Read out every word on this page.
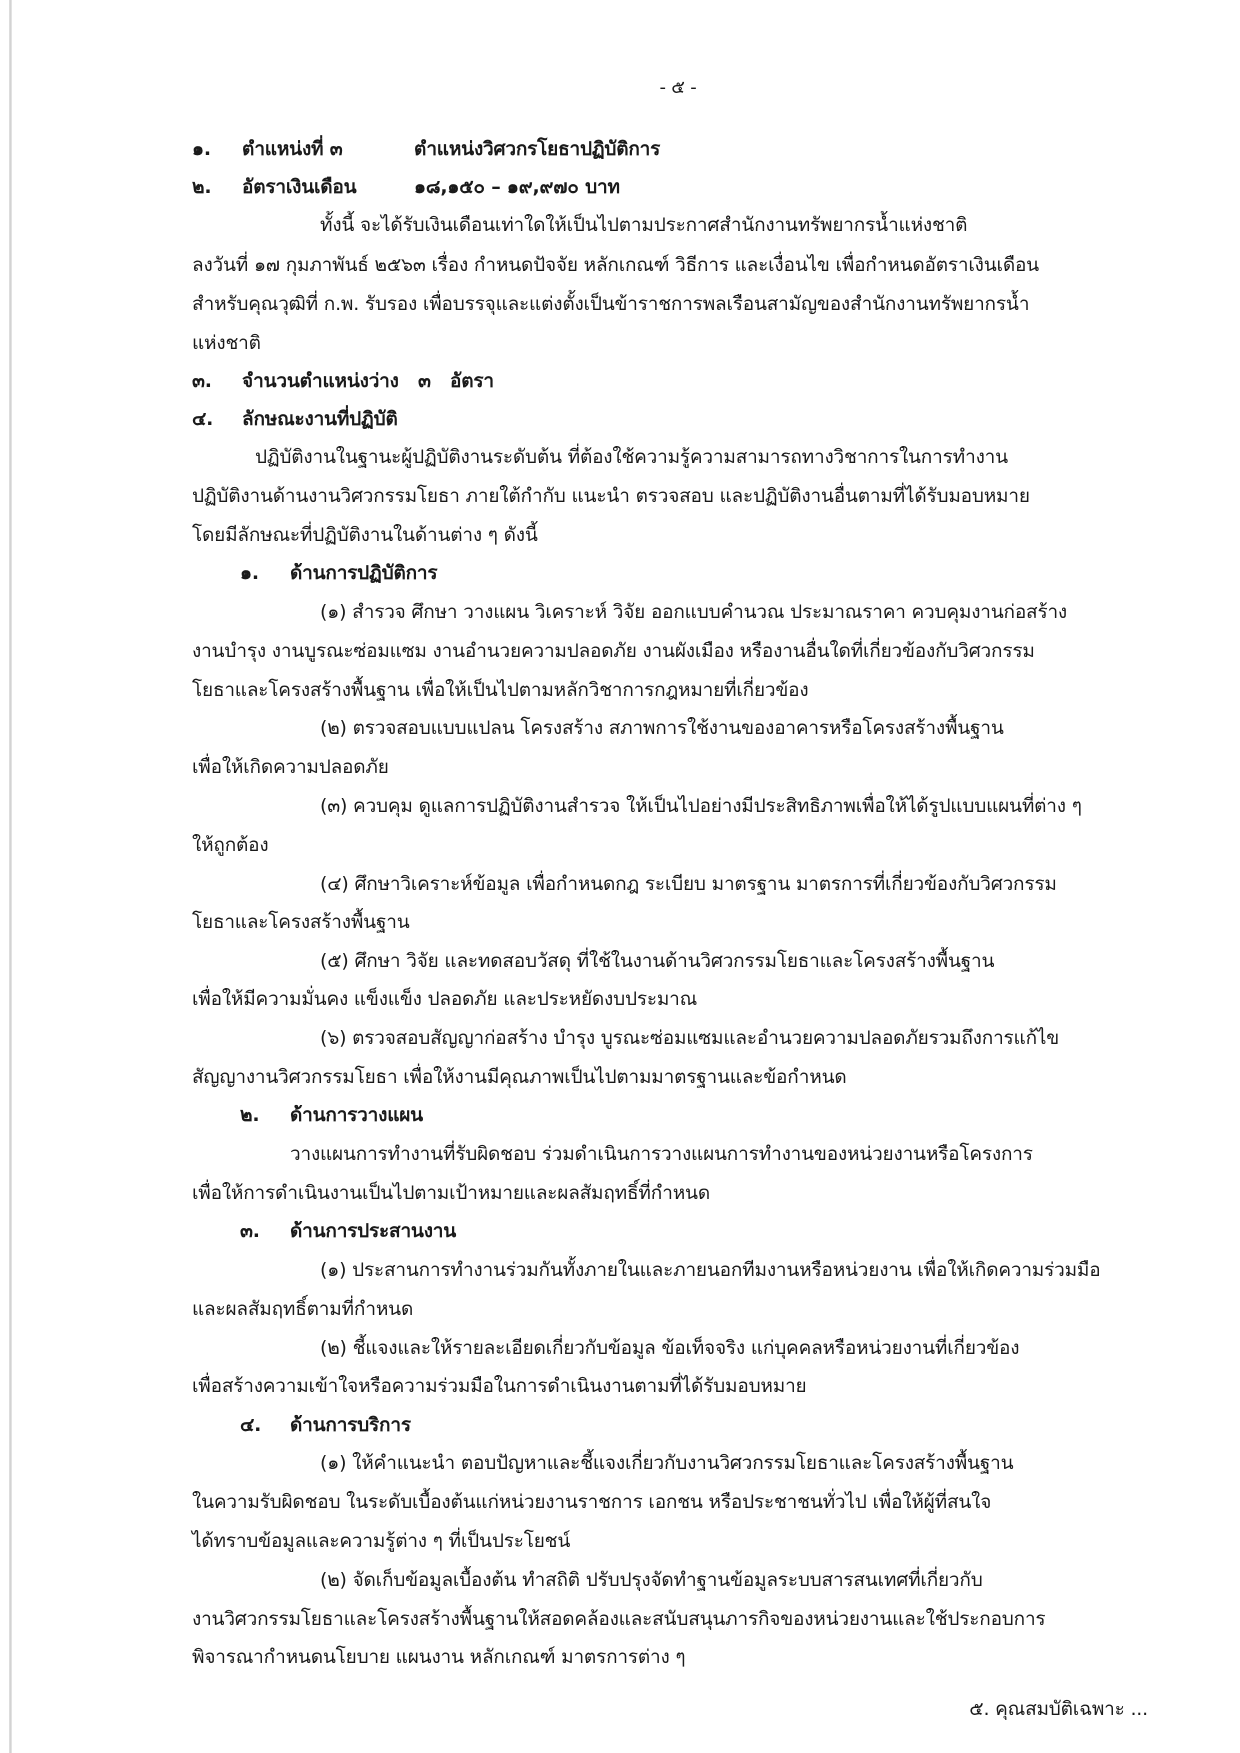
- ๕ -
๑. ตำแหน่งที่ ๓	ตำแหน่งวิศวกรโยธาปฏิบัติการ
๒. อัตราเงินเดือน	๑๘,๑๕๐ – ๑๙,๙๗๐ บาท
ทั้งนี้ จะได้รับเงินเดือนเท่าใดให้เป็นไปตามประกาศสำนักงานทรัพยากรน้ำแห่งชาติ
ลงวันที่ ๑๗ กุมภาพันธ์ ๒๕๖๓ เรื่อง กำหนดปัจจัย หลักเกณฑ์ วิธีการ และเงื่อนไข เพื่อกำหนดอัตราเงินเดือน
สำหรับคุณวุฒิที่ ก.พ. รับรอง เพื่อบรรจุและแต่งตั้งเป็นข้าราชการพลเรือนสามัญของสำนักงานทรัพยากรน้ำ
แห่งชาติ
๓. จำนวนตำแหน่งว่าง ๓ อัตรา
๔. ลักษณะงานที่ปฏิบัติ
ปฏิบัติงานในฐานะผู้ปฏิบัติงานระดับต้น ที่ต้องใช้ความรู้ความสามารถทางวิชาการในการทำงาน
ปฏิบัติงานด้านงานวิศวกรรมโยธา ภายใต้กำกับ แนะนำ ตรวจสอบ และปฏิบัติงานอื่นตามที่ได้รับมอบหมาย
โดยมีลักษณะที่ปฏิบัติงานในด้านต่าง ๆ ดังนี้
๑. ด้านการปฏิบัติการ
(๑) สำรวจ ศึกษา วางแผน วิเคราะห์ วิจัย ออกแบบคำนวณ ประมาณราคา ควบคุมงานก่อสร้าง
งานบำรุง งานบูรณะซ่อมแซม งานอำนวยความปลอดภัย งานผังเมือง หรืองานอื่นใดที่เกี่ยวข้องกับวิศวกรรม
โยธาและโครงสร้างพื้นฐาน เพื่อให้เป็นไปตามหลักวิชาการกฎหมายที่เกี่ยวข้อง
(๒) ตรวจสอบแบบแปลน โครงสร้าง สภาพการใช้งานของอาคารหรือโครงสร้างพื้นฐาน
เพื่อให้เกิดความปลอดภัย
(๓) ควบคุม ดูแลการปฏิบัติงานสำรวจ ให้เป็นไปอย่างมีประสิทธิภาพเพื่อให้ได้รูปแบบแผนที่ต่าง ๆ
ให้ถูกต้อง
(๔) ศึกษาวิเคราะห์ข้อมูล เพื่อกำหนดกฎ ระเบียบ มาตรฐาน มาตรการที่เกี่ยวข้องกับวิศวกรรม
โยธาและโครงสร้างพื้นฐาน
(๕) ศึกษา วิจัย และทดสอบวัสดุ ที่ใช้ในงานด้านวิศวกรรมโยธาและโครงสร้างพื้นฐาน
เพื่อให้มีความมั่นคง แข็งแข็ง ปลอดภัย และประหยัดงบประมาณ
(๖) ตรวจสอบสัญญาก่อสร้าง บำรุง บูรณะซ่อมแซมและอำนวยความปลอดภัยรวมถึงการแก้ไข
สัญญางานวิศวกรรมโยธา เพื่อให้งานมีคุณภาพเป็นไปตามมาตรฐานและข้อกำหนด
๒. ด้านการวางแผน
วางแผนการทำงานที่รับผิดชอบ ร่วมดำเนินการวางแผนการทำงานของหน่วยงานหรือโครงการ
เพื่อให้การดำเนินงานเป็นไปตามเป้าหมายและผลสัมฤทธิ์ที่กำหนด
๓. ด้านการประสานงาน
(๑) ประสานการทำงานร่วมกันทั้งภายในและภายนอกทีมงานหรือหน่วยงาน เพื่อให้เกิดความร่วมมือ
และผลสัมฤทธิ์ตามที่กำหนด
(๒) ชี้แจงและให้รายละเอียดเกี่ยวกับข้อมูล ข้อเท็จจริง แก่บุคคลหรือหน่วยงานที่เกี่ยวข้อง
เพื่อสร้างความเข้าใจหรือความร่วมมือในการดำเนินงานตามที่ได้รับมอบหมาย
๔. ด้านการบริการ
(๑) ให้คำแนะนำ ตอบปัญหาและชี้แจงเกี่ยวกับงานวิศวกรรมโยธาและโครงสร้างพื้นฐาน
ในความรับผิดชอบ ในระดับเบื้องต้นแก่หน่วยงานราชการ เอกชน หรือประชาชนทั่วไป เพื่อให้ผู้ที่สนใจ
ได้ทราบข้อมูลและความรู้ต่าง ๆ ที่เป็นประโยชน์
(๒) จัดเก็บข้อมูลเบื้องต้น ทำสถิติ ปรับปรุงจัดทำฐานข้อมูลระบบสารสนเทศที่เกี่ยวกับ
งานวิศวกรรมโยธาและโครงสร้างพื้นฐานให้สอดคล้องและสนับสนุนภารกิจของหน่วยงานและใช้ประกอบการ
พิจารณากำหนดนโยบาย แผนงาน หลักเกณฑ์ มาตรการต่าง ๆ
๕. คุณสมบัติเฉพาะ ...
